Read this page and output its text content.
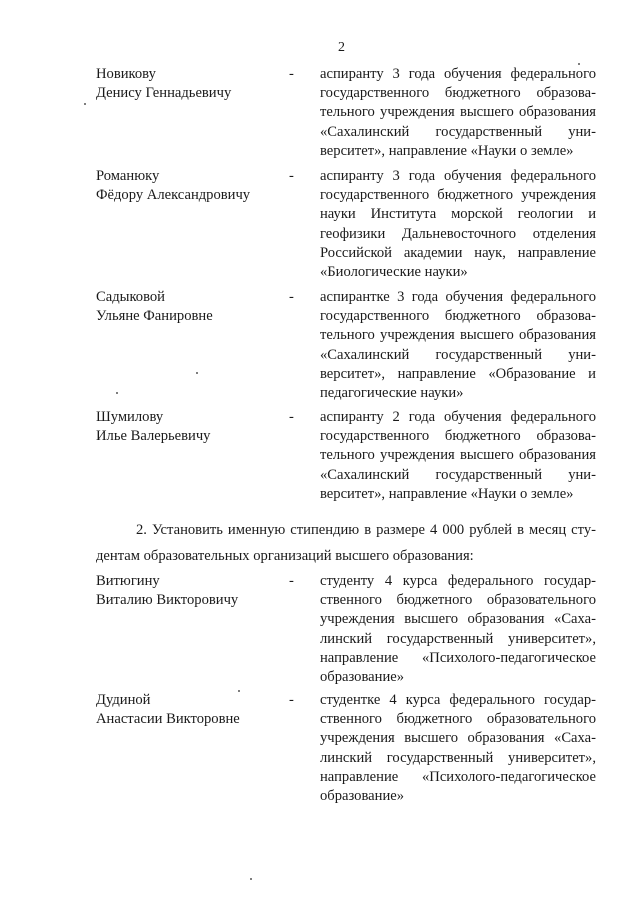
2
Новикову
Денису Геннадьевичу
- аспиранту 3 года обучения федерального государственного бюджетного образовательного учреждения высшего образования «Сахалинский государственный университет», направление «Науки о земле»
Романюку
Фёдору Александровичу
- аспиранту 3 года обучения федерального государственного бюджетного учреждения науки Института морской геологии и геофизики Дальневосточного отделения Российской академии наук, направление «Биологические науки»
Садыковой
Ульяне Фанировне
- аспирантке 3 года обучения федерального государственного бюджетного образовательного учреждения высшего образования «Сахалинский государственный университет», направление «Образование и педагогические науки»
Шумилову
Илье Валерьевичу
- аспиранту 2 года обучения федерального государственного бюджетного образовательного учреждения высшего образования «Сахалинский государственный университет», направление «Науки о земле»
2. Установить именную стипендию в размере 4 000 рублей в месяц студентам образовательных организаций высшего образования:
Витюгину
Виталию Викторовичу
- студенту 4 курса федерального государственного бюджетного образовательного учреждения высшего образования «Сахалинский государственный университет», направление «Психолого-педагогическое образование»
Дудиной
Анастасии Викторовне
- студентке 4 курса федерального государственного бюджетного образовательного учреждения высшего образования «Сахалинский государственный университет», направление «Психолого-педагогическое образование»
